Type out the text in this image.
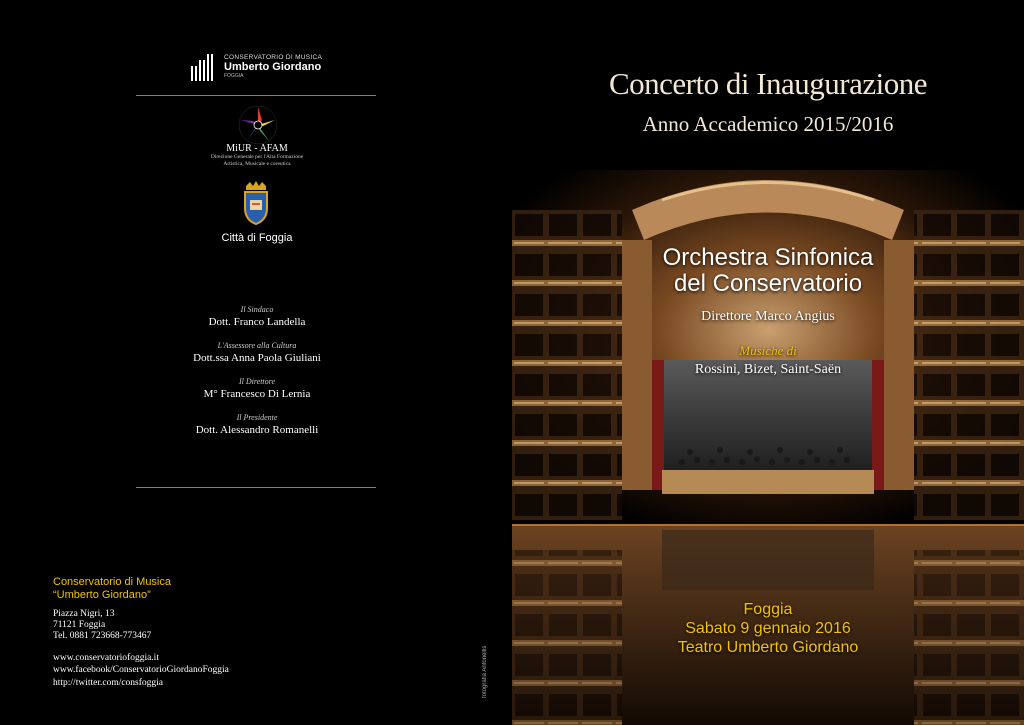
CONSERVATORIO DI MUSICA
Umberto Giordano
FOGGIA
MiUR - AFAM
Direzione Generale per l'Alta Formazione
Artistica, Musicale e coreutica
Città di Foggia
Il Sindaco
Dott. Franco Landella
L'Assessore alla Cultura
Dott.ssa Anna Paola Giuliani
Il Direttore
M° Francesco Di Lernia
Il Presidente
Dott. Alessandro Romanelli
Conservatorio di Musica
“Umberto Giordano”
Piazza Nigri, 13
71121 Foggia
Tel. 0881 723668-773467
www.conservatoriofoggia.it
www.facebook/ConservatorioGiordanoFoggia
http://twitter.com/consfoggia	fotografia Antonellis
Concerto di Inaugurazione
Anno Accademico 2015/2016
Orchestra Sinfonica
del Conservatorio
Direttore Marco Angius
Musiche di
Rossini, Bizet, Saint-Saën
Foggia
Sabato 9 gennaio 2016
Teatro Umberto Giordano
